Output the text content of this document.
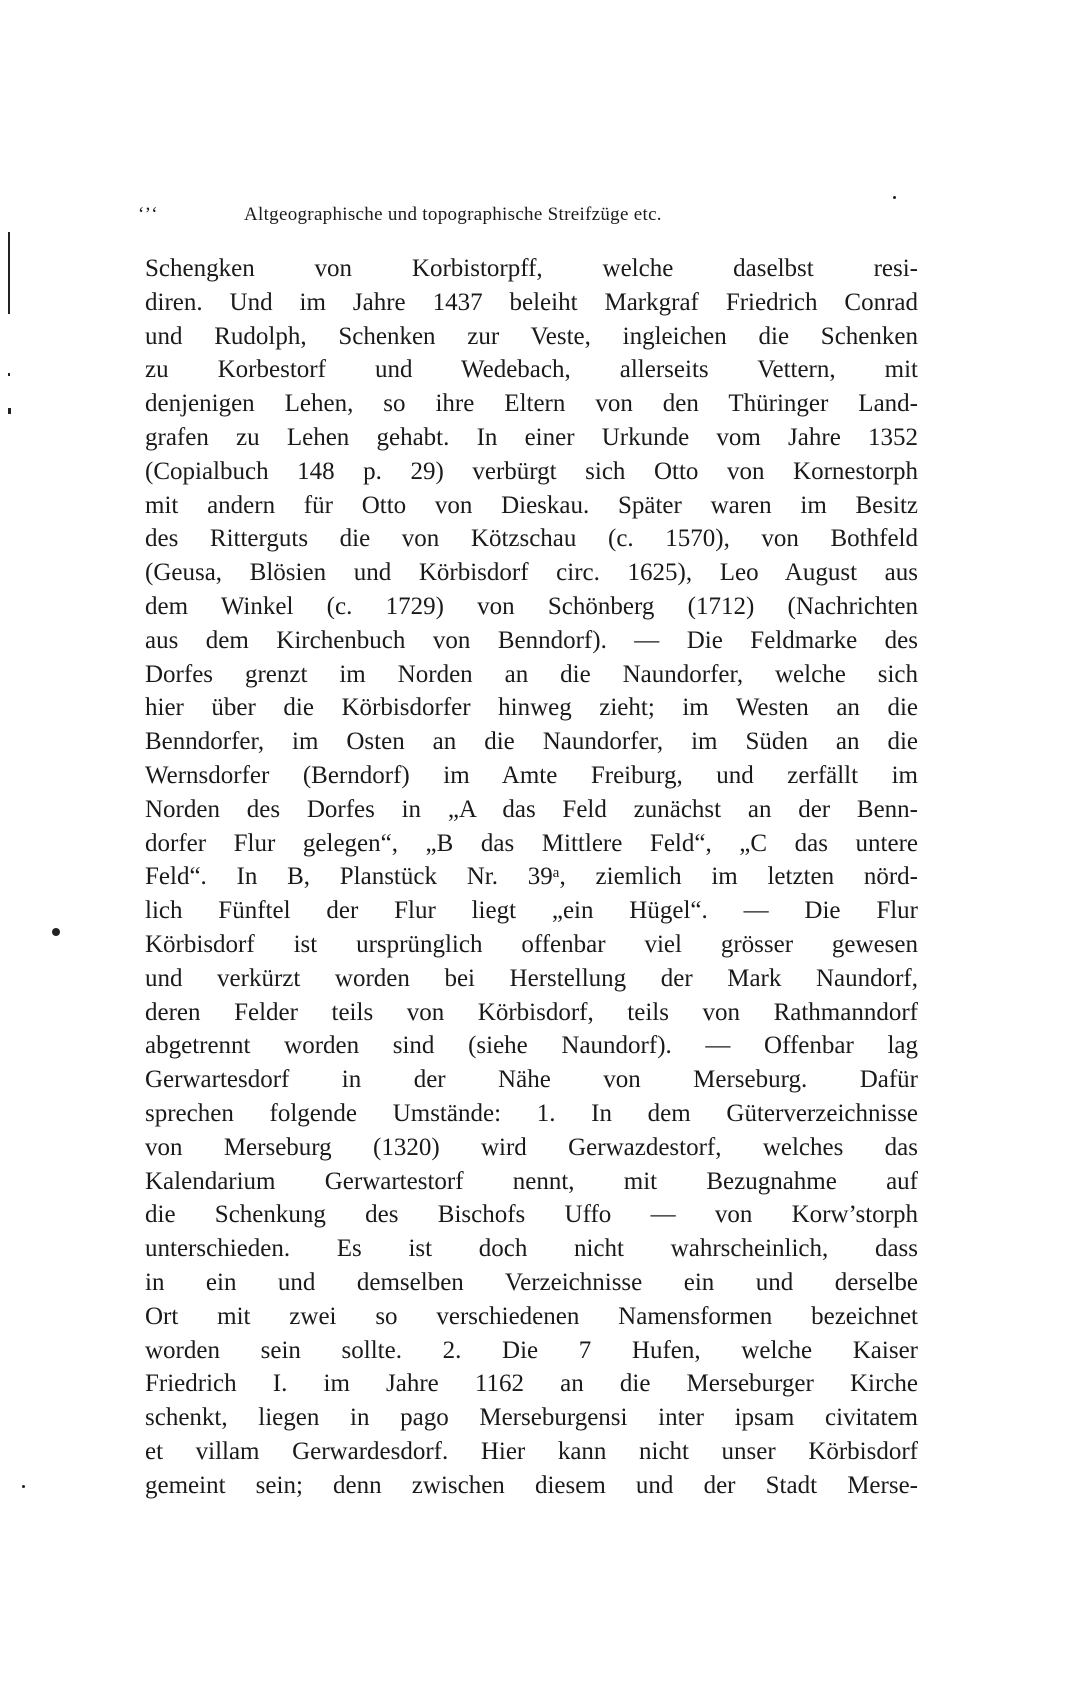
‘’‘	Altgeographische und topographische Streifzüge etc.
Schengken von Korbistorpff, welche daselbst resi-
diren. Und im Jahre 1437 beleiht Markgraf Friedrich Conrad
und Rudolph, Schenken zur Veste, ingleichen die Schenken
zu Korbestorf und Wedebach, allerseits Vettern, mit
denjenigen Lehen, so ihre Eltern von den Thüringer Land-
grafen zu Lehen gehabt. In einer Urkunde vom Jahre 1352
(Copialbuch 148 p. 29) verbürgt sich Otto von Kornestorph
mit andern für Otto von Dieskau. Später waren im Besitz
des Ritterguts die von Kötzschau (c. 1570), von Bothfeld
(Geusa, Blösien und Körbisdorf circ. 1625), Leo August aus
dem Winkel (c. 1729) von Schönberg (1712) (Nachrichten
aus dem Kirchenbuch von Benndorf). — Die Feldmarke des
Dorfes grenzt im Norden an die Naundorfer, welche sich
hier über die Körbisdorfer hinweg zieht; im Westen an die
Benndorfer, im Osten an die Naundorfer, im Süden an die
Wernsdorfer (Berndorf) im Amte Freiburg, und zerfällt im
Norden des Dorfes in „A das Feld zunächst an der Benn-
dorfer Flur gelegen“, „B das Mittlere Feld“, „C das untere
Feld“. In B, Planstück Nr. 39ᵃ, ziemlich im letzten nörd-
lich Fünftel der Flur liegt „ein Hügel“. — Die Flur
Körbisdorf ist ursprünglich offenbar viel grösser gewesen
und verkürzt worden bei Herstellung der Mark Naundorf,
deren Felder teils von Körbisdorf, teils von Rathmanndorf
abgetrennt worden sind (siehe Naundorf). — Offenbar lag
Gerwartesdorf in der Nähe von Merseburg. Dafür
sprechen folgende Umstände: 1. In dem Güterverzeichnisse
von Merseburg (1320) wird Gerwazdestorf, welches das
Kalendarium Gerwartestorf nennt, mit Bezugnahme auf
die Schenkung des Bischofs Uffo — von Korw’storph
unterschieden. Es ist doch nicht wahrscheinlich, dass
in ein und demselben Verzeichnisse ein und derselbe
Ort mit zwei so verschiedenen Namensformen bezeichnet
worden sein sollte. 2. Die 7 Hufen, welche Kaiser
Friedrich I. im Jahre 1162 an die Merseburger Kirche
schenkt, liegen in pago Merseburgensi inter ipsam civitatem
et villam Gerwardesdorf. Hier kann nicht unser Körbisdorf
gemeint sein; denn zwischen diesem und der Stadt Merse-
